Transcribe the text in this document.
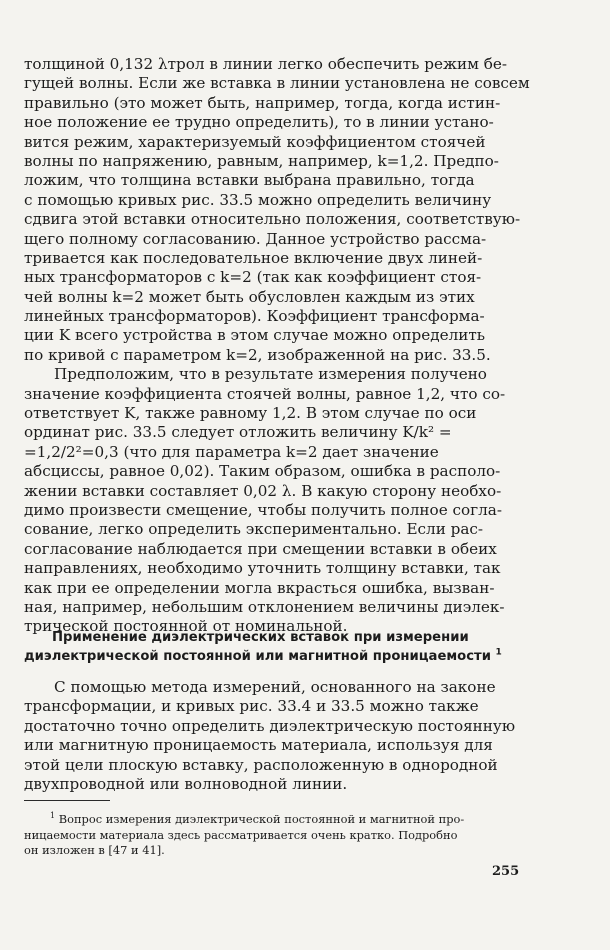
толщиной 0,132 λтрол в линии легко обеспечить режим бе-
гущей волны. Если же вставка в линии установлена не совсем
правильно (это может быть, например, тогда, когда истин-
ное положение ее трудно определить), то в линии устано-
вится режим, характеризуемый коэффициентом стоячей
волны по напряжению, равным, например, k=1,2. Предпо-
ложим, что толщина вставки выбрана правильно, тогда
с помощью кривых рис. 33.5 можно определить величину
сдвига этой вставки относительно положения, соответствую-
щего полному согласованию. Данное устройство рассма-
тривается как последовательное включение двух линей-
ных трансформаторов с k=2 (так как коэффициент стоя-
чей волны k=2 может быть обусловлен каждым из этих
линейных трансформаторов). Коэффициент трансформа-
ции K всего устройства в этом случае можно определить
по кривой с параметром k=2, изображенной на рис. 33.5.
Предположим, что в результате измерения получено
значение коэффициента стоячей волны, равное 1,2, что со-
ответствует K, также равному 1,2. В этом случае по оси
ординат рис. 33.5 следует отложить величину K/k² =
=1,2/2²=0,3 (что для параметра k=2 дает значение
абсциссы, равное 0,02). Таким образом, ошибка в располо-
жении вставки составляет 0,02 λ. В какую сторону необхо-
димо произвести смещение, чтобы получить полное согла-
сование, легко определить экспериментально. Если рас-
согласование наблюдается при смещении вставки в обеих
направлениях, необходимо уточнить толщину вставки, так
как при ее определении могла вкрасться ошибка, вызван-
ная, например, небольшим отклонением величины диэлек-
трической постоянной от номинальной.
Применение диэлектрических вставок при измерении
диэлектрической постоянной или магнитной проницаемости $^1$
С помощью метода измерений, основанного на законе
трансформации, и кривых рис. 33.4 и 33.5 можно также
достаточно точно определить диэлектрическую постоянную
или магнитную проницаемость материала, используя для
этой цели плоскую вставку, расположенную в однородной
двухпроводной или волноводной линии.
$^1$ Вопрос измерения диэлектрической постоянной и магнитной про-
ницаемости материала здесь рассматривается очень кратко. Подробно
он изложен в [47 и 41].
255
